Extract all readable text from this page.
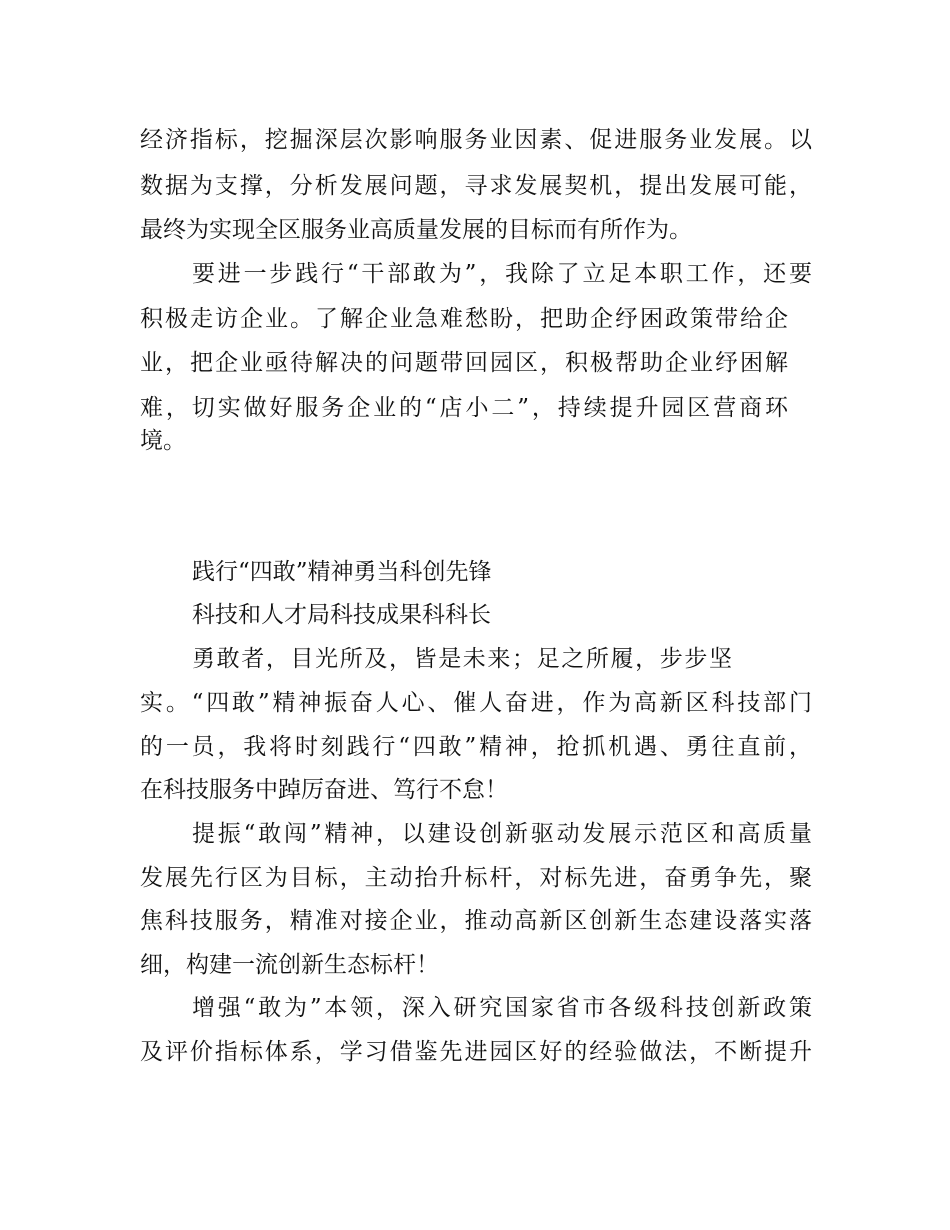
经济指标，挖掘深层次影响服务业因素、促进服务业发展。以
数据为支撑，分析发展问题，寻求发展契机，提出发展可能，
最终为实现全区服务业高质量发展的目标而有所作为。
要进一步践行“干部敢为”，我除了立足本职工作，还要
积极走访企业。了解企业急难愁盼，把助企纾困政策带给企
业，把企业亟待解决的问题带回园区，积极帮助企业纾困解
难，切实做好服务企业的“店小二”，持续提升园区营商环
境。
践行“四敢”精神勇当科创先锋
科技和人才局科技成果科科长
勇敢者，目光所及，皆是未来；足之所履，步步坚
实。“四敢”精神振奋人心、催人奋进，作为高新区科技部门
的一员，我将时刻践行“四敢”精神，抢抓机遇、勇往直前，
在科技服务中踔厉奋进、笃行不怠！
提振“敢闯”精神，以建设创新驱动发展示范区和高质量
发展先行区为目标，主动抬升标杆，对标先进，奋勇争先，聚
焦科技服务，精准对接企业，推动高新区创新生态建设落实落
细，构建一流创新生态标杆！
增强“敢为”本领，深入研究国家省市各级科技创新政策
及评价指标体系，学习借鉴先进园区好的经验做法，不断提升
